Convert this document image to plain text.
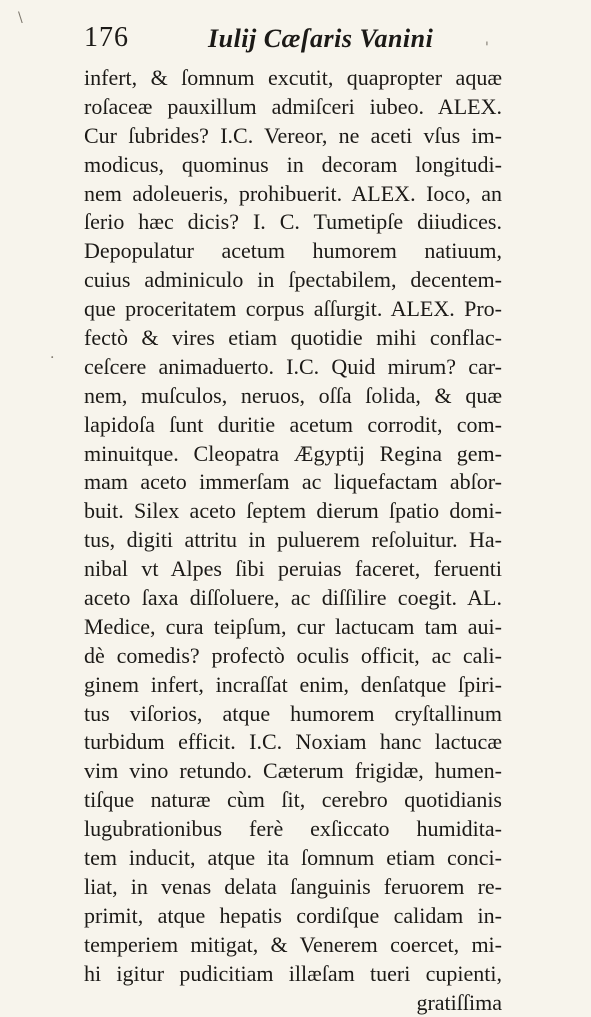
\
'
·
176	Iulij Cæſaris Vanini
infert, & ſomnum excutit, quapropter aquæ
roſaceæ pauxillum admiſceri iubeo. ALEX.
Cur ſubrides? I.C. Vereor, ne aceti vſus im-
modicus, quominus in decoram longitudi-
nem adoleueris, prohibuerit. ALEX. Ioco, an
ſerio hæc dicis? I. C. Tumetipſe diiudices.
Depopulatur acetum humorem natiuum,
cuius adminiculo in ſpectabilem, decentem-
que proceritatem corpus aſſurgit. ALEX. Pro-
fectò & vires etiam quotidie mihi conflac-
ceſcere animaduerto. I.C. Quid mirum? car-
nem, muſculos, neruos, oſſa ſolida, & quæ
lapidoſa ſunt duritie acetum corrodit, com-
minuitque. Cleopatra Ægyptij Regina gem-
mam aceto immerſam ac liquefactam abſor-
buit. Silex aceto ſeptem dierum ſpatio domi-
tus, digiti attritu in puluerem reſoluitur. Ha-
nibal vt Alpes ſibi peruias faceret, feruenti
aceto ſaxa diſſoluere, ac diſſilire coegit. AL.
Medice, cura teipſum, cur lactucam tam aui-
dè comedis? profectò oculis officit, ac cali-
ginem infert, incraſſat enim, denſatque ſpiri-
tus viſorios, atque humorem cryſtallinum
turbidum efficit. I.C. Noxiam hanc lactucæ
vim vino retundo. Cæterum frigidæ, humen-
tiſque naturæ cùm ſit, cerebro quotidianis
lugubrationibus ferè exſiccato humidita-
tem inducit, atque ita ſomnum etiam conci-
liat, in venas delata ſanguinis feruorem re-
primit, atque hepatis cordiſque calidam in-
temperiem mitigat, & Venerem coercet, mi-
hi igitur pudicitiam illæſam tueri cupienti,
gratiſſima
